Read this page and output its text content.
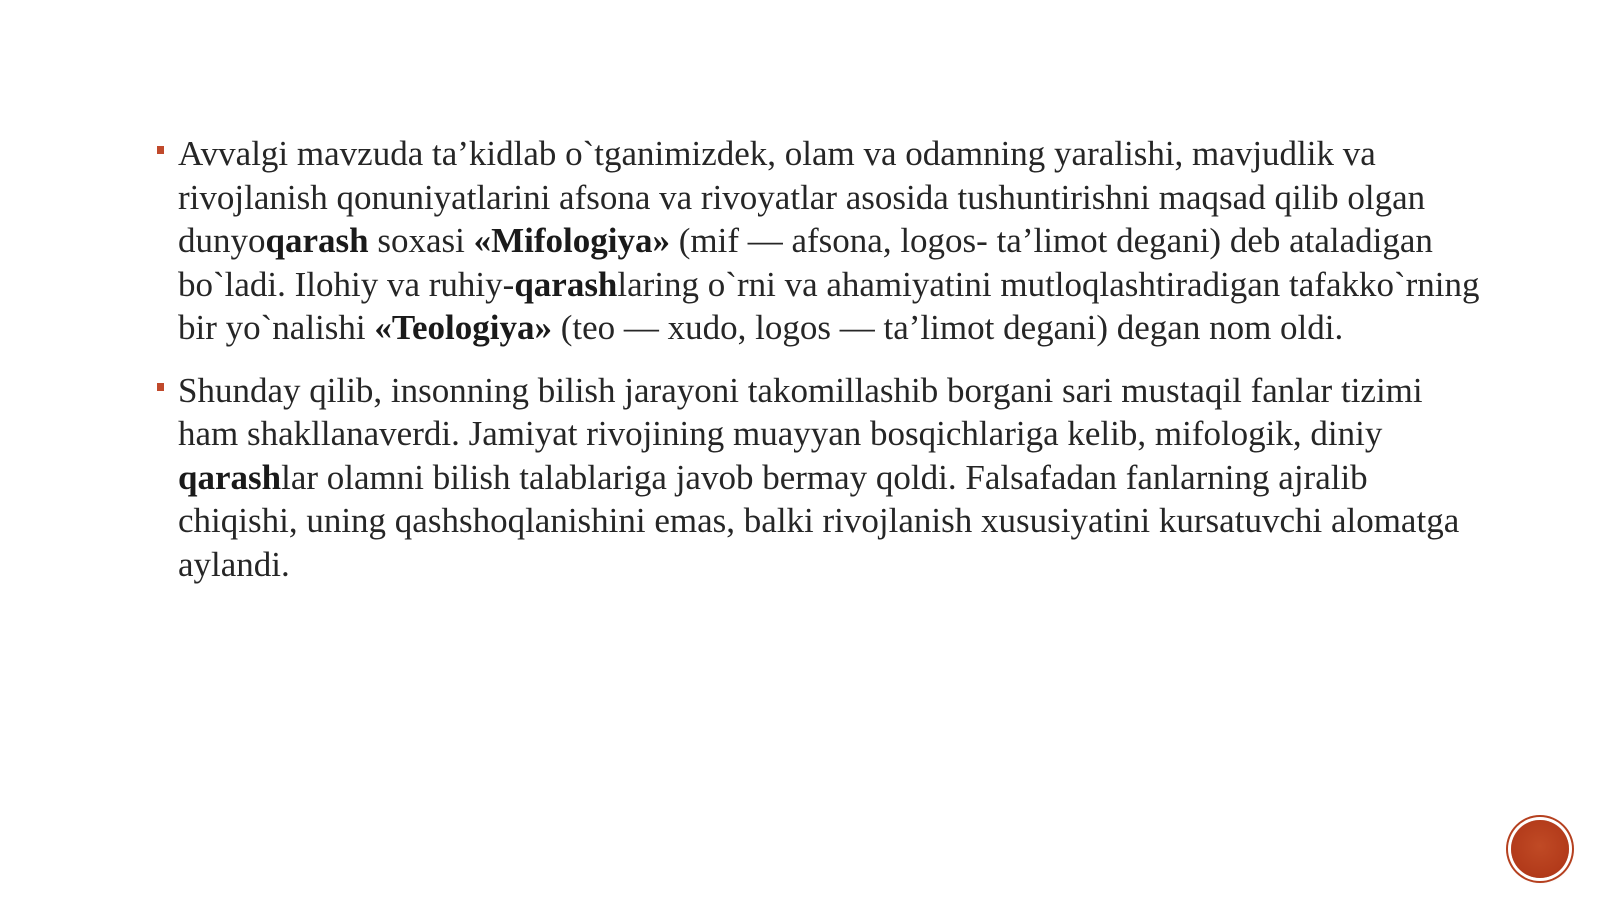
Avvalgi mavzuda ta’kidlab o`tganimizdek, olam va odamning yaralishi, mavjudlik va rivojlanish qonuniyatlarini afsona va rivoyatlar asosida tushuntirishni maqsad qilib olgan dunyoqarash soxasi «Mifologiya» (mif — afsona, logos- ta’limot degani) deb ataladigan bo`ladi. Ilohiy va ruhiy-qarashlaring o`rni va ahamiyatini mutloqlashtiradigan tafakko`rning bir yo`nalishi «Teologiya» (teo — xudo, logos — ta’limot degani) degan nom oldi.
Shunday qilib, insonning bilish jarayoni takomillashib borgani sari mustaqil fanlar tizimi ham shakllanaverdi. Jamiyat rivojining muayyan bosqichlariga kelib, mifologik, diniy qarashlar olamni bilish talablariga javob bermay qoldi. Falsafadan fanlarning ajralib chiqishi, uning qashshoqlanishini emas, balki rivojlanish xususiyatini kursatuvchi alomatga aylandi.
